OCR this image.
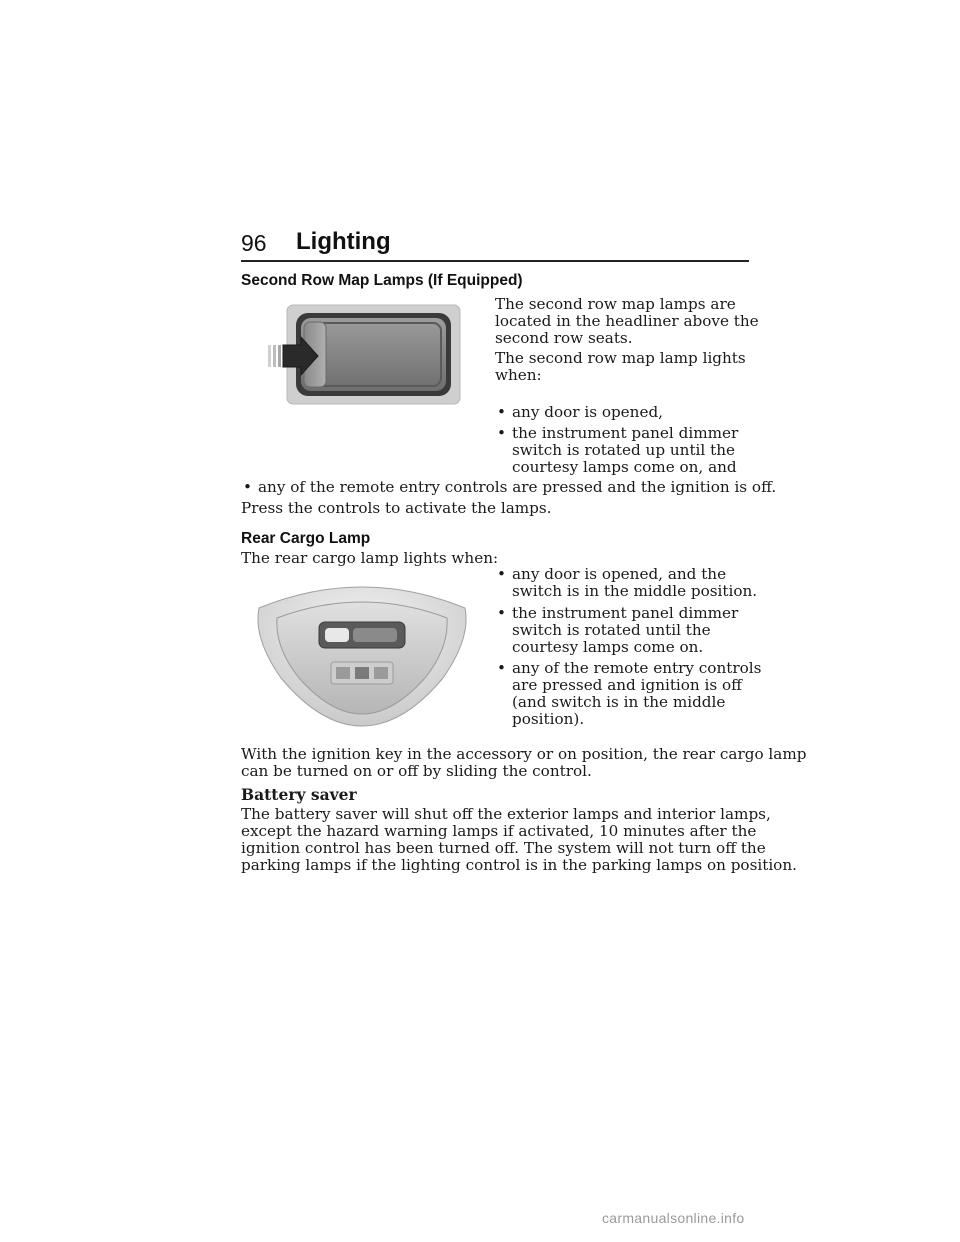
96 Lighting
Second Row Map Lamps (If Equipped)
The second row map lamps are
located in the headliner above the
second row seats.
The second row map lamp lights
when:
• any door is opened,
• the instrument panel dimmer
switch is rotated up until the
courtesy lamps come on, and
• any of the remote entry controls are pressed and the ignition is off.
Press the controls to activate the lamps.
Rear Cargo Lamp
The rear cargo lamp lights when:
• any door is opened, and the
switch is in the middle position.
• the instrument panel dimmer
switch is rotated until the
courtesy lamps come on.
• any of the remote entry controls
are pressed and ignition is off
(and switch is in the middle
position).
With the ignition key in the accessory or on position, the rear cargo lamp
can be turned on or off by sliding the control.
Battery saver
The battery saver will shut off the exterior lamps and interior lamps,
except the hazard warning lamps if activated, 10 minutes after the
ignition control has been turned off. The system will not turn off the
parking lamps if the lighting control is in the parking lamps on position.
carmanualsonline.info
